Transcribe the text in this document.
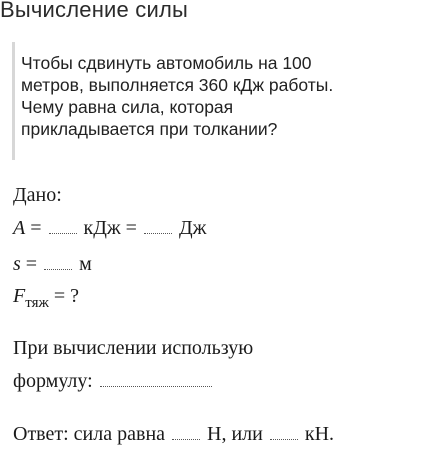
Вычисление силы
Чтобы сдвинуть автомобиль на 100
метров, выполняется 360 кДж работы.
Чему равна сила, которая
прикладывается при толкании?
Дано:
A =  кДж =  Дж
s =  м
$F_{тяж}$ = ?
При вычислении использую
формулу:
Ответ: сила равна  Н, или  кН.
